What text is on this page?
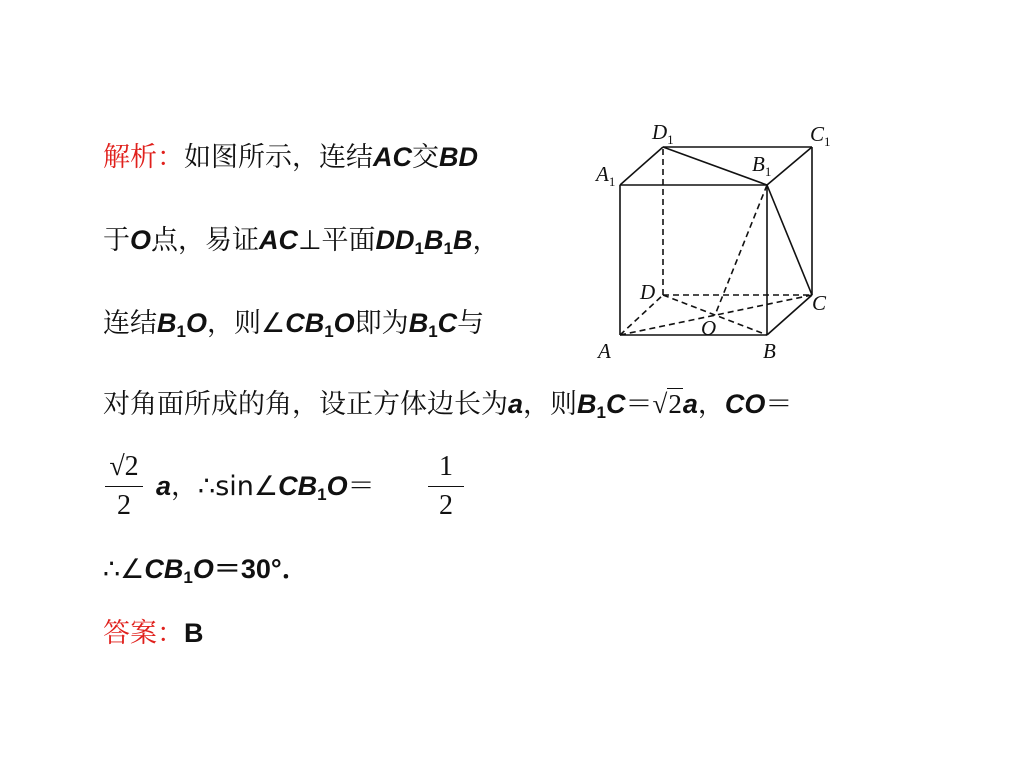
解析：如图所示，连结AC交BD
于O点，易证AC⊥平面$DD_1B_1B$，
连结$B_1O$，则$\angle CB_1O$即为$B_1C$与
对角面所成的角，设正方体边长为a，则$B_1C=√2a$，CO＝
√2
2
a，$\therefore\sin\angle CB_1O=$
1
2
$\therefore\angle CB_1O=30^\circ$．
答案：B
$D_1$	$C_1$
$A_1$
$B_1$
D	C
O
A	B
